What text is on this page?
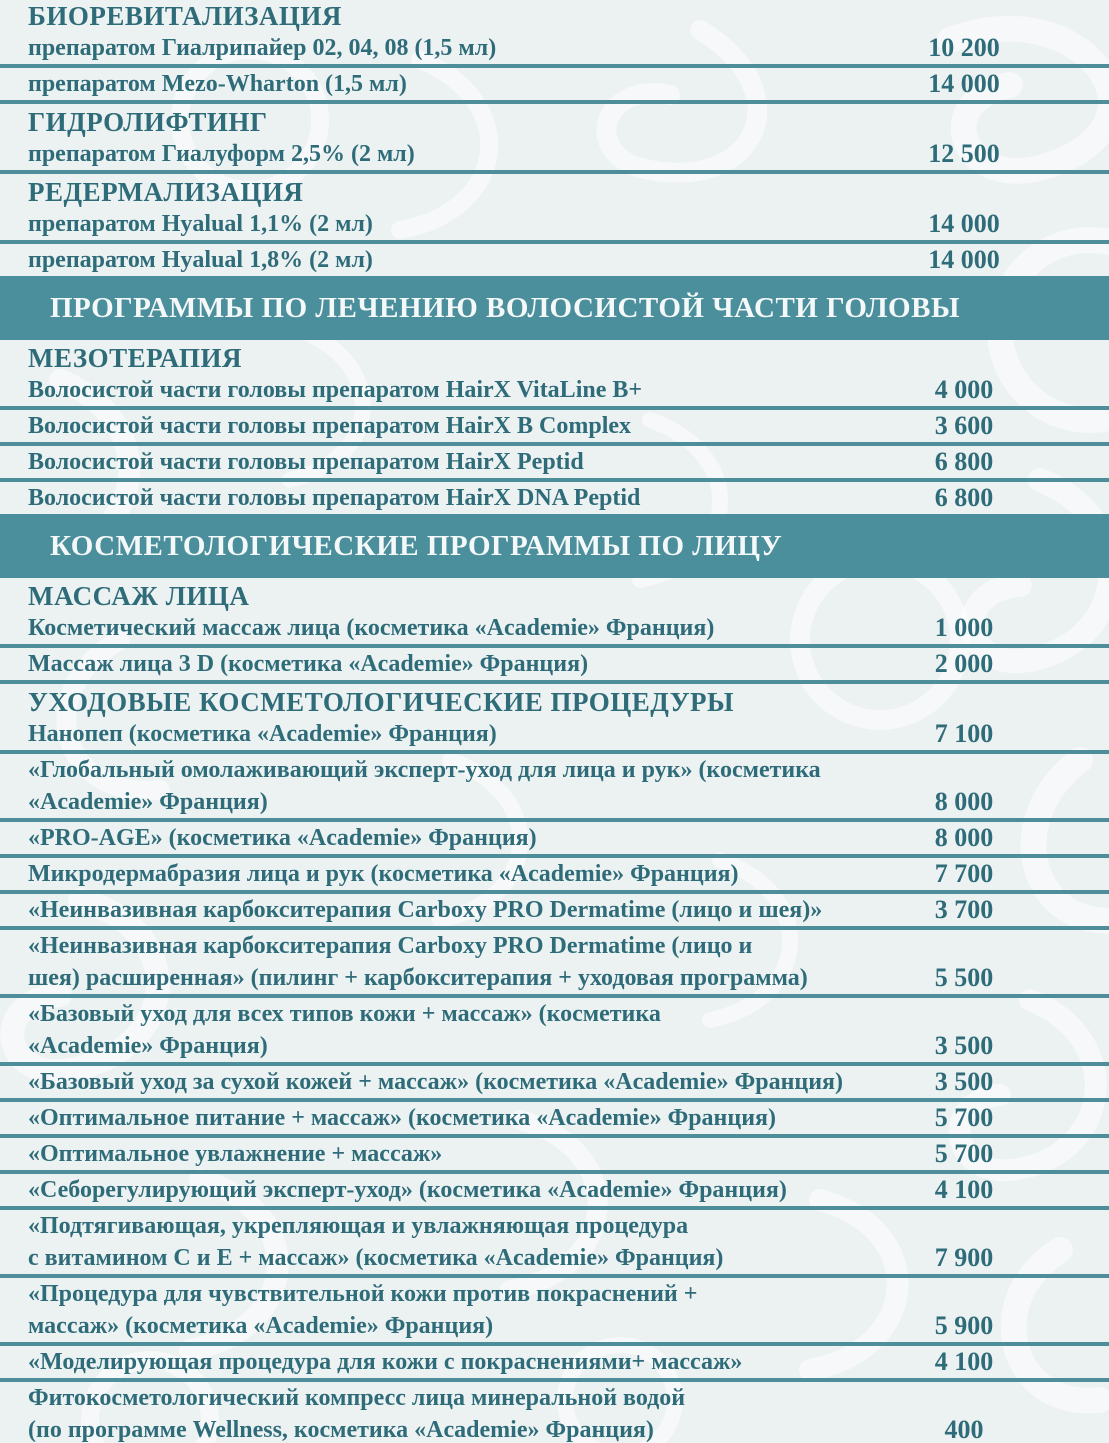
БИОРЕВИТАЛИЗАЦИЯ
препаратом Гиалрипайер 02, 04, 08 (1,5 мл)	10 200
препаратом Mezo-Wharton (1,5 мл)	14 000
ГИДРОЛИФТИНГ
препаратом Гиалуформ 2,5% (2 мл)	12 500
РЕДЕРМАЛИЗАЦИЯ
препаратом Hyalual 1,1% (2 мл)	14 000
препаратом Hyalual 1,8% (2 мл)	14 000
ПРОГРАММЫ ПО ЛЕЧЕНИЮ ВОЛОСИСТОЙ ЧАСТИ ГОЛОВЫ
МЕЗОТЕРАПИЯ
Волосистой части головы препаратом HairX VitaLine B+	4 000
Волосистой части головы препаратом HairX B Complex	3 600
Волосистой части головы препаратом HairX Peptid	6 800
Волосистой части головы препаратом HairX DNA Peptid	6 800
КОСМЕТОЛОГИЧЕСКИЕ ПРОГРАММЫ ПО ЛИЦУ
МАССАЖ ЛИЦА
Косметический массаж лица (косметика «Academie» Франция)	1 000
Массаж лица 3 D (косметика «Academie» Франция)	2 000
УХОДОВЫЕ КОСМЕТОЛОГИЧЕСКИЕ ПРОЦЕДУРЫ
Нанопеп (косметика «Academie» Франция)	7 100
«Глобальный омолаживающий эксперт-уход для лица и рук» (косметика
«Academie» Франция)	8 000
«PRO-AGE» (косметика «Academie» Франция)	8 000
Микродермабразия лица и рук (косметика «Academie» Франция)	7 700
«Неинвазивная карбокситерапия Carboxy PRO Dermatime (лицо и шея)»	3 700
«Неинвазивная карбокситерапия Carboxy PRO Dermatime (лицо и
шея) расширенная» (пилинг + карбокситерапия + уходовая программа)	5 500
«Базовый уход для всех типов кожи + массаж» (косметика
«Academie» Франция)	3 500
«Базовый уход за сухой кожей + массаж» (косметика «Academie» Франция)	3 500
«Оптимальное питание + массаж» (косметика «Academie» Франция)	5 700
«Оптимальное увлажнение + массаж»	5 700
«Себорегулирующий эксперт-уход» (косметика «Academie» Франция)	4 100
«Подтягивающая, укрепляющая и увлажняющая процедура
с витамином С и Е + массаж» (косметика «Academie» Франция)	7 900
«Процедура для чувствительной кожи против покраснений +
массаж» (косметика «Academie» Франция)	5 900
«Моделирующая процедура для кожи с покраснениями+ массаж»	4 100
Фитокосметологический компресс лица минеральной водой
(по программе Wellness, косметика «Academie» Франция)	400
